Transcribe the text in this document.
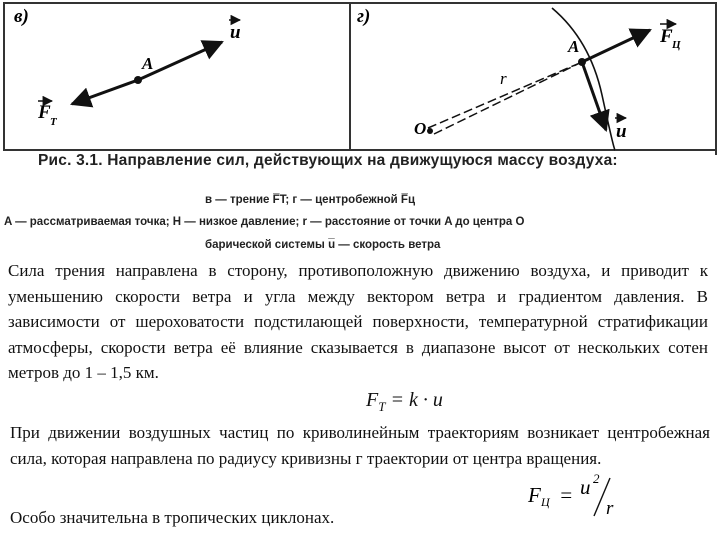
в)	г)
A
u
F T
A	F Ц
r
O	u
Рис. 3.1. Направление сил, действующих на движущуюся массу воздуха:
в — трение F̅T; г — центробежной F̅ц
A — рассматриваемая точка; Н — низкое давление; r — расстояние от точки A до центра O
барической системы u̅ — скорость ветра
Сила трения направлена в сторону, противоположную движению воздуха, и приводит к уменьшению скорости ветра и угла между вектором ветра и градиентом давления. В зависимости от шероховатости подстилающей поверхности, температурной стратификации атмосферы, скорости ветра её влияние сказывается в диапазоне высот от нескольких сотен метров до 1 – 1,5 км.
$F_T = k \cdot u$
При движении воздушных частиц по криволинейным траекториям возникает центробежная сила, которая направлена по радиусу кривизны г траектории от центра вращения.
F Ц = u 2
r
Особо значительна в тропических циклонах.
